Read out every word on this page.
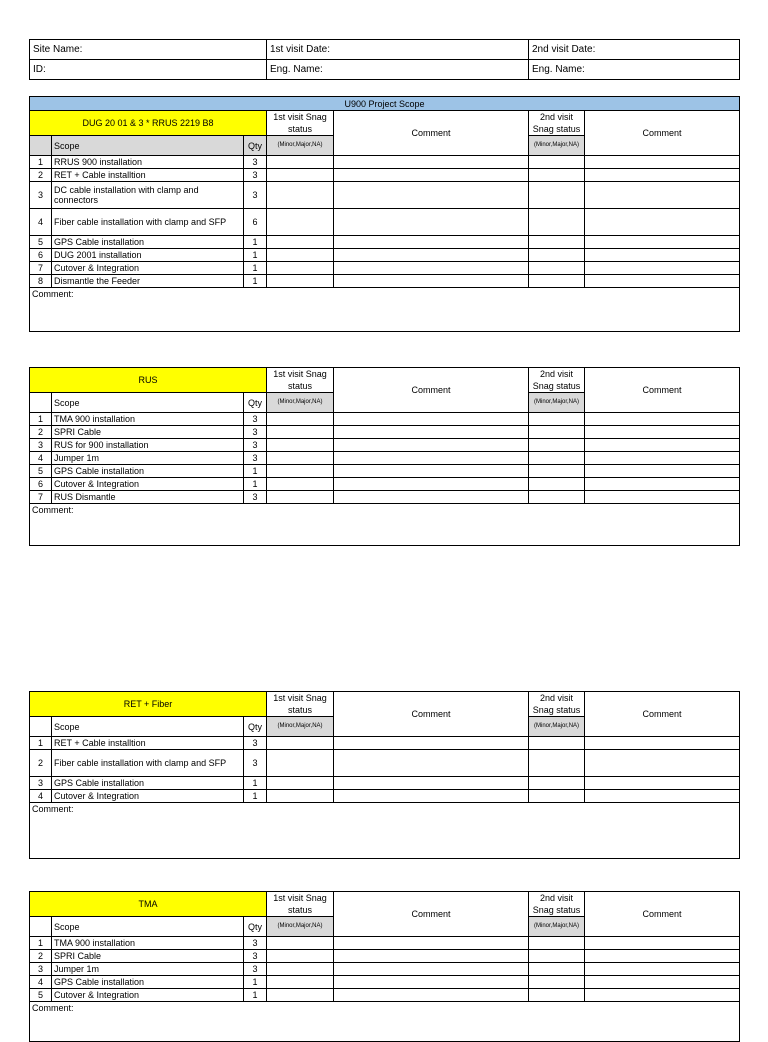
Site Name:	1st visit Date:	2nd visit Date:
ID:	Eng. Name:	Eng. Name:
U900 Project Scope						
DUG 20 01 & 3 * RRUS 2219 B8			1st visit Snag status	Comment	2nd visit Snag status	Comment
	Scope	Qty	(Minor,Major,NA)		(Minor,Major,NA)	
1	RRUS 900 installation	3				
2	RET + Cable installtion	3				
3	DC cable installation with clamp and connectors	3				
4	Fiber cable installation with clamp and SFP	6				
5	GPS Cable installation	1				
6	DUG 2001 installation	1				
7	Cutover & Integration	1				
8	Dismantle the Feeder	1				
Comment:						
RUS			1st visit Snag status	Comment	2nd visit Snag status	Comment
	Scope	Qty	(Minor,Major,NA)		(Minor,Major,NA)	
1	TMA 900 installation	3				
2	SPRI Cable	3				
3	RUS for 900 installation	3				
4	Jumper 1m	3				
5	GPS Cable installation	1				
6	Cutover & Integration	1				
7	RUS Dismantle	3				
Comment:						
RET + Fiber			1st visit Snag status	Comment	2nd visit Snag status	Comment
	Scope	Qty	(Minor,Major,NA)		(Minor,Major,NA)	
1	RET + Cable installtion	3				
2	Fiber cable installation with clamp and SFP	3				
3	GPS Cable installation	1				
4	Cutover & Integration	1				
Comment:						
TMA			1st visit Snag status	Comment	2nd visit Snag status	Comment
	Scope	Qty	(Minor,Major,NA)		(Minor,Major,NA)	
1	TMA 900 installation	3				
2	SPRI Cable	3				
3	Jumper 1m	3				
4	GPS Cable installation	1				
5	Cutover & Integration	1				
Comment:						
